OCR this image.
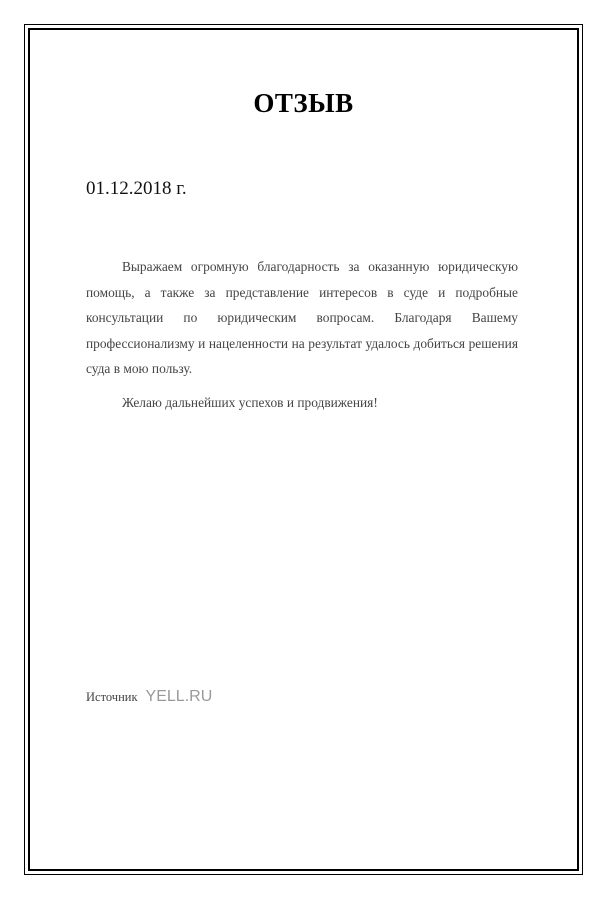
ОТЗЫВ

01.12.2018 г.

Выражаем огромную благодарность за оказанную юридическую помощь, а также за представление интересов в суде и подробные консультации по юридическим вопросам. Благодаря Вашему профессионализму и нацеленности на результат удалось добиться решения суда в мою пользу.

Желаю дальнейших успехов и продвижения!

Источник YELL.RU
